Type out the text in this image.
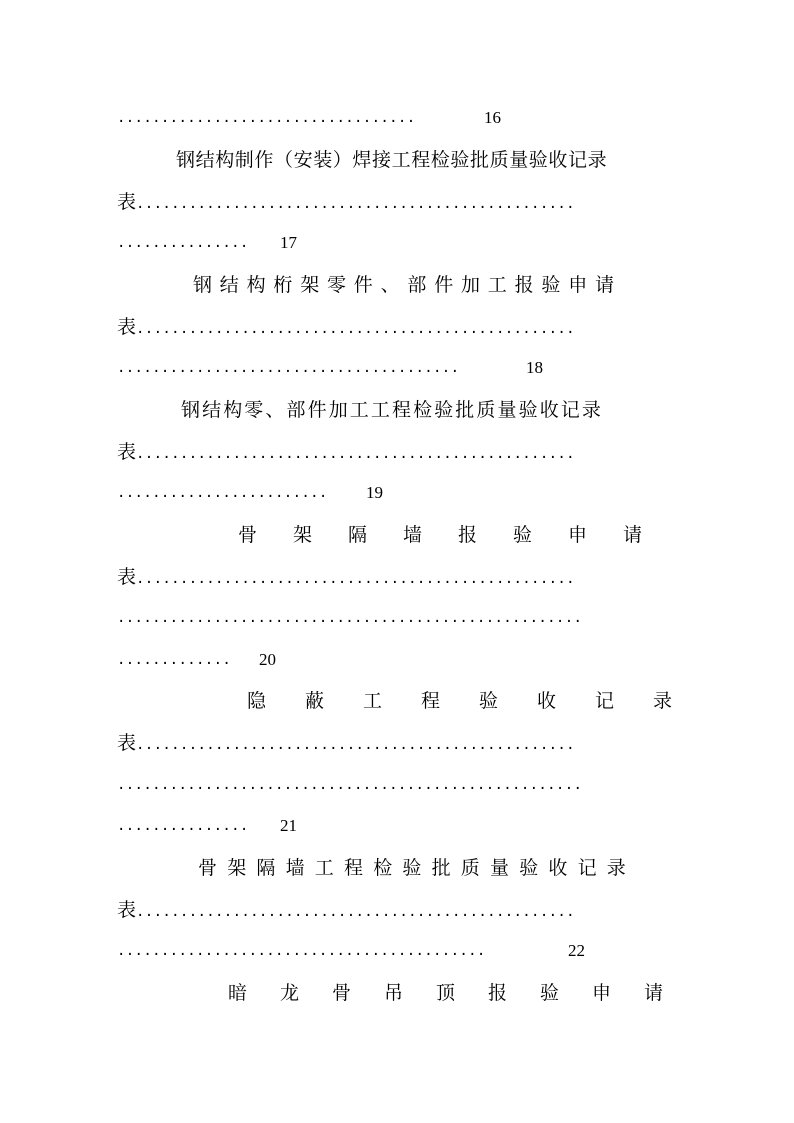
..................................	16
钢结构制作（安装）焊接工程检验批质量验收记录
表..................................................
............... 17
钢结构桁架零件、部件加工报验申请
表..................................................
.......................................	18
钢结构零、部件加工工程检验批质量验收记录
表..................................................
........................ 19
骨架隔墙报验申请
表..................................................
.....................................................
............. 20
隐蔽工程验收记录
表..................................................
.....................................................
............... 21
骨架隔墙工程检验批质量验收记录
表..................................................
..........................................	22
暗龙骨吊顶报验申请
